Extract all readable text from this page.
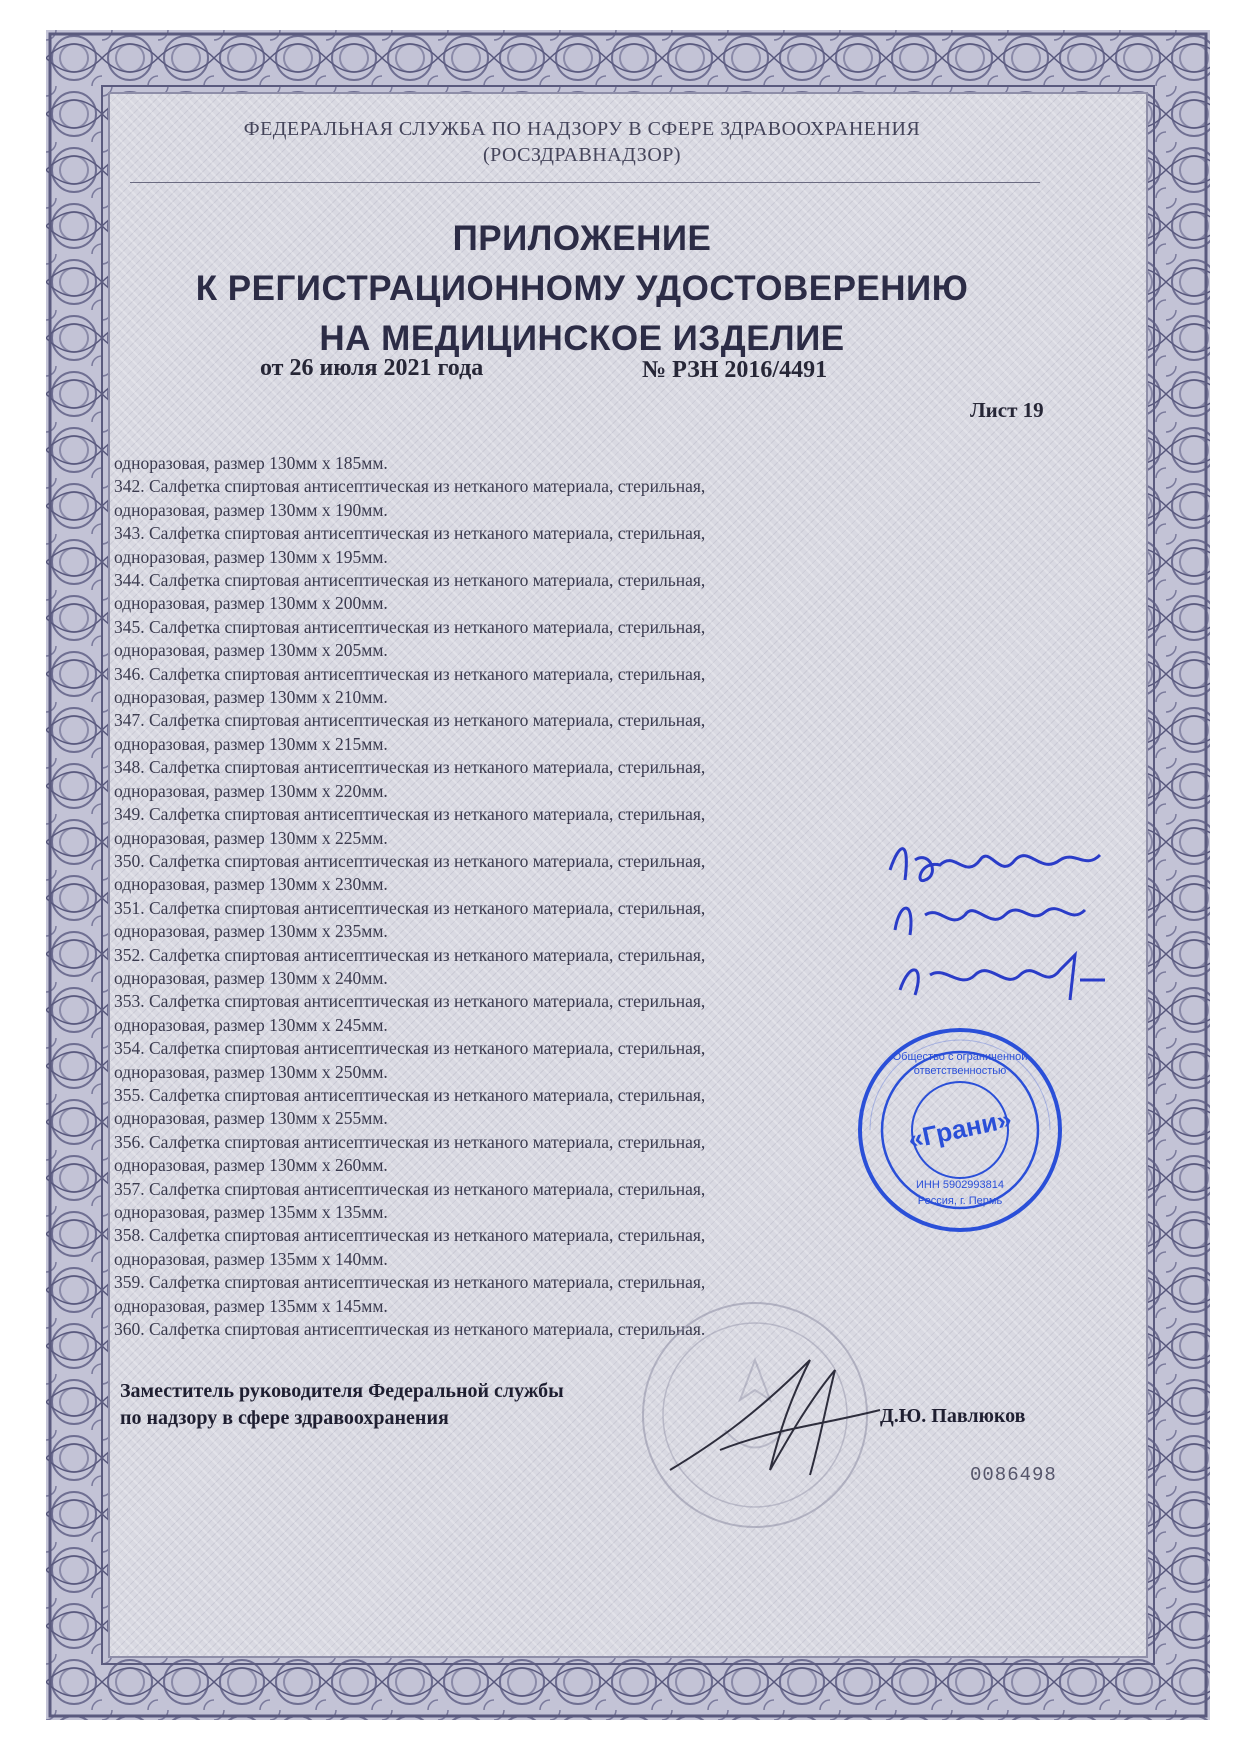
ФЕДЕРАЛЬНАЯ СЛУЖБА ПО НАДЗОРУ В СФЕРЕ ЗДРАВООХРАНЕНИЯ
(РОСЗДРАВНАДЗОР)
ПРИЛОЖЕНИЕ
К РЕГИСТРАЦИОННОМУ УДОСТОВЕРЕНИЮ
НА МЕДИЦИНСКОЕ ИЗДЕЛИЕ
от 26 июля 2021 года	№ РЗН 2016/4491
Лист 19
одноразовая, размер 130мм х 185мм.
342. Салфетка спиртовая антисептическая из нетканого материала, стерильная,
одноразовая, размер 130мм х 190мм.
343. Салфетка спиртовая антисептическая из нетканого материала, стерильная,
одноразовая, размер 130мм х 195мм.
344. Салфетка спиртовая антисептическая из нетканого материала, стерильная,
одноразовая, размер 130мм х 200мм.
345. Салфетка спиртовая антисептическая из нетканого материала, стерильная,
одноразовая, размер 130мм х 205мм.
346. Салфетка спиртовая антисептическая из нетканого материала, стерильная,
одноразовая, размер 130мм х 210мм.
347. Салфетка спиртовая антисептическая из нетканого материала, стерильная,
одноразовая, размер 130мм х 215мм.
348. Салфетка спиртовая антисептическая из нетканого материала, стерильная,
одноразовая, размер 130мм х 220мм.
349. Салфетка спиртовая антисептическая из нетканого материала, стерильная,
одноразовая, размер 130мм х 225мм.
350. Салфетка спиртовая антисептическая из нетканого материала, стерильная,
одноразовая, размер 130мм х 230мм.
351. Салфетка спиртовая антисептическая из нетканого материала, стерильная,
одноразовая, размер 130мм х 235мм.
352. Салфетка спиртовая антисептическая из нетканого материала, стерильная,
одноразовая, размер 130мм х 240мм.
353. Салфетка спиртовая антисептическая из нетканого материала, стерильная,
одноразовая, размер 130мм х 245мм.
354. Салфетка спиртовая антисептическая из нетканого материала, стерильная,
одноразовая, размер 130мм х 250мм.
355. Салфетка спиртовая антисептическая из нетканого материала, стерильная,
одноразовая, размер 130мм х 255мм.
356. Салфетка спиртовая антисептическая из нетканого материала, стерильная,
одноразовая, размер 130мм х 260мм.
357. Салфетка спиртовая антисептическая из нетканого материала, стерильная,
одноразовая, размер 135мм х 135мм.
358. Салфетка спиртовая антисептическая из нетканого материала, стерильная,
одноразовая, размер 135мм х 140мм.
359. Салфетка спиртовая антисептическая из нетканого материала, стерильная,
одноразовая, размер 135мм х 145мм.
360. Салфетка спиртовая антисептическая из нетканого материала, стерильная.
Заместитель руководителя Федеральной службы
по надзору в сфере здравоохранения	Д.Ю. Павлюков
0086498
«Грани»
Общество с ограниченной
ответственностью
ИНН 5902993814
Россия, г. Пермь
